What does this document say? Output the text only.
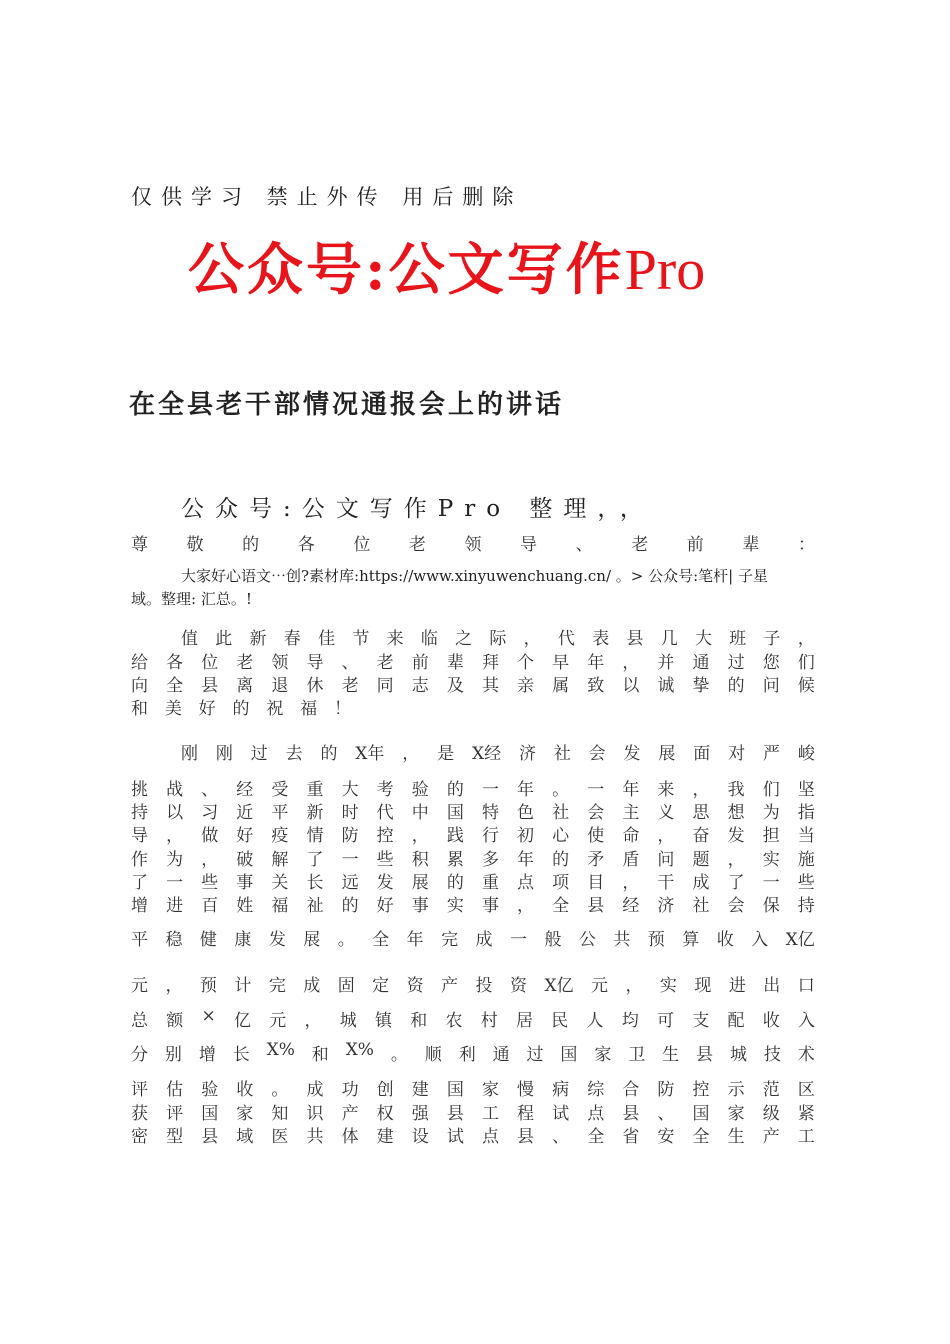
仅供学习 禁止外传 用后删除
公众号:公文写作Pro
在全县老干部情况通报会上的讲话
公众号:公文写作Pro 整理，，
尊 敬 的 各 位 老 领 导 、 老 前 辈 ：
大家好心语文⋯创?素材库:https://www.xinyuwenchuang.cn/ 。> 公众号:笔杆| 子星
域。整理: 汇总。!
值 此 新 春 佳 节 来 临 之 际 ， 代 表 县 几 大 班 子 ，
给 各 位 老 领 导 、 老 前 辈 拜 个 早 年 ， 并 通 过 您 们
向 全 县 离 退 休 老 同 志 及 其 亲 属 致 以 诚 挚 的 问 候
和 美 好 的 祝 福 ！
刚 刚 过 去 的 X年 ， 是 X经 济 社 会 发 展 面 对 严 峻
挑 战 、 经 受 重 大 考 验 的 一 年 。 一 年 来 ， 我 们 坚
持 以 习 近 平 新 时 代 中 国 特 色 社 会 主 义 思 想 为 指
导 ， 做 好 疫 情 防 控 ， 践 行 初 心 使 命 ， 奋 发 担 当
作 为 ， 破 解 了 一 些 积 累 多 年 的 矛 盾 问 题 ， 实 施
了 一 些 事 关 长 远 发 展 的 重 点 项 目 ， 干 成 了 一 些
增 进 百 姓 福 祉 的 好 事 实 事 ， 全 县 经 济 社 会 保 持
平 稳 健 康 发 展 。 全 年 完 成 一 般 公 共 预 算 收 入 X亿
元 ， 预 计 完 成 固 定 资 产 投 资 X亿 元 ， 实 现 进 出 口
总 额 × 亿 元 ， 城 镇 和 农 村 居 民 人 均 可 支 配 收 入
分 别 增 长 X% 和 X% 。 顺 利 通 过 国 家 卫 生 县 城 技 术
评 估 验 收 。 成 功 创 建 国 家 慢 病 综 合 防 控 示 范 区
获 评 国 家 知 识 产 权 强 县 工 程 试 点 县 、 国 家 级 紧
密 型 县 域 医 共 体 建 设 试 点 县 、 全 省 安 全 生 产 工
